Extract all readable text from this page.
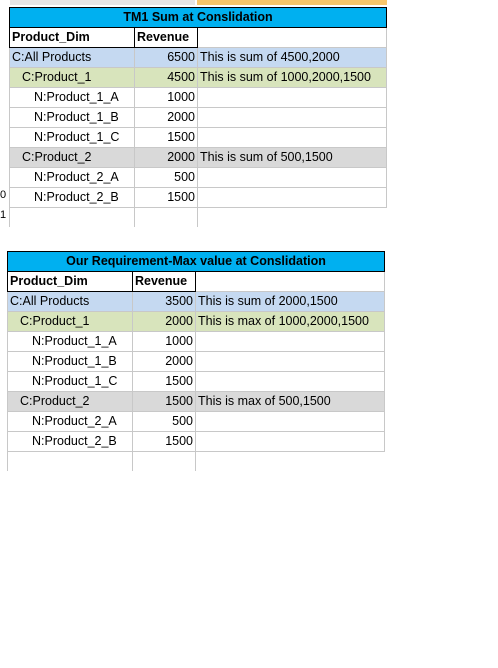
0
1
TM1 Sum at Conslidation		
Product_Dim	Revenue	
C:All Products	6500	This is sum of 4500,2000
C:Product_1	4500	This is sum of 1000,2000,1500
N:Product_1_A	1000	
N:Product_1_B	2000	
N:Product_1_C	1500	
C:Product_2	2000	This is sum of 500,1500
N:Product_2_A	500	
N:Product_2_B	1500	

Our Requirement-Max value at Conslidation		
Product_Dim	Revenue	
C:All Products	3500	This is sum of 2000,1500
C:Product_1	2000	This is max of 1000,2000,1500
N:Product_1_A	1000	
N:Product_1_B	2000	
N:Product_1_C	1500	
C:Product_2	1500	This is max of 500,1500
N:Product_2_A	500	
N:Product_2_B	1500	
